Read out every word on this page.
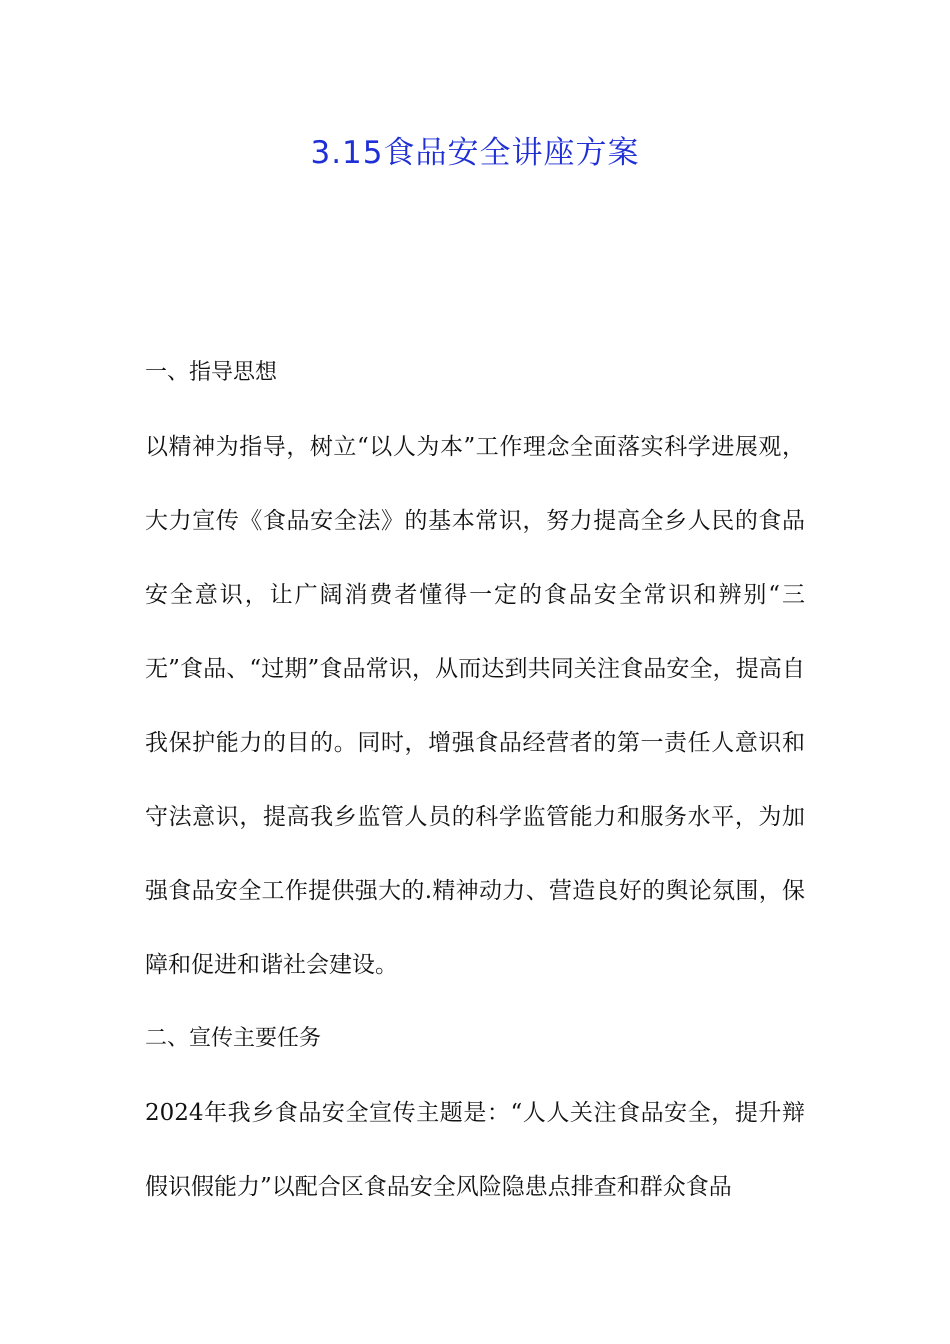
3.15食品安全讲座方案

一、指导思想

以精神为指导，树立“以人为本”工作理念全面落实科学进展观，大力宣传《食品安全法》的基本常识，努力提高全乡人民的食品安全意识，让广阔消费者懂得一定的食品安全常识和辨别“三无”食品、“过期”食品常识，从而达到共同关注食品安全，提高自我保护能力的目的。同时，增强食品经营者的第一责任人意识和守法意识，提高我乡监管人员的科学监管能力和服务水平，为加强食品安全工作提供强大的.精神动力、营造良好的舆论氛围，保障和促进和谐社会建设。

二、宣传主要任务

2024年我乡食品安全宣传主题是：“人人关注食品安全，提升辩假识假能力”以配合区食品安全风险隐患点排查和群众食品
